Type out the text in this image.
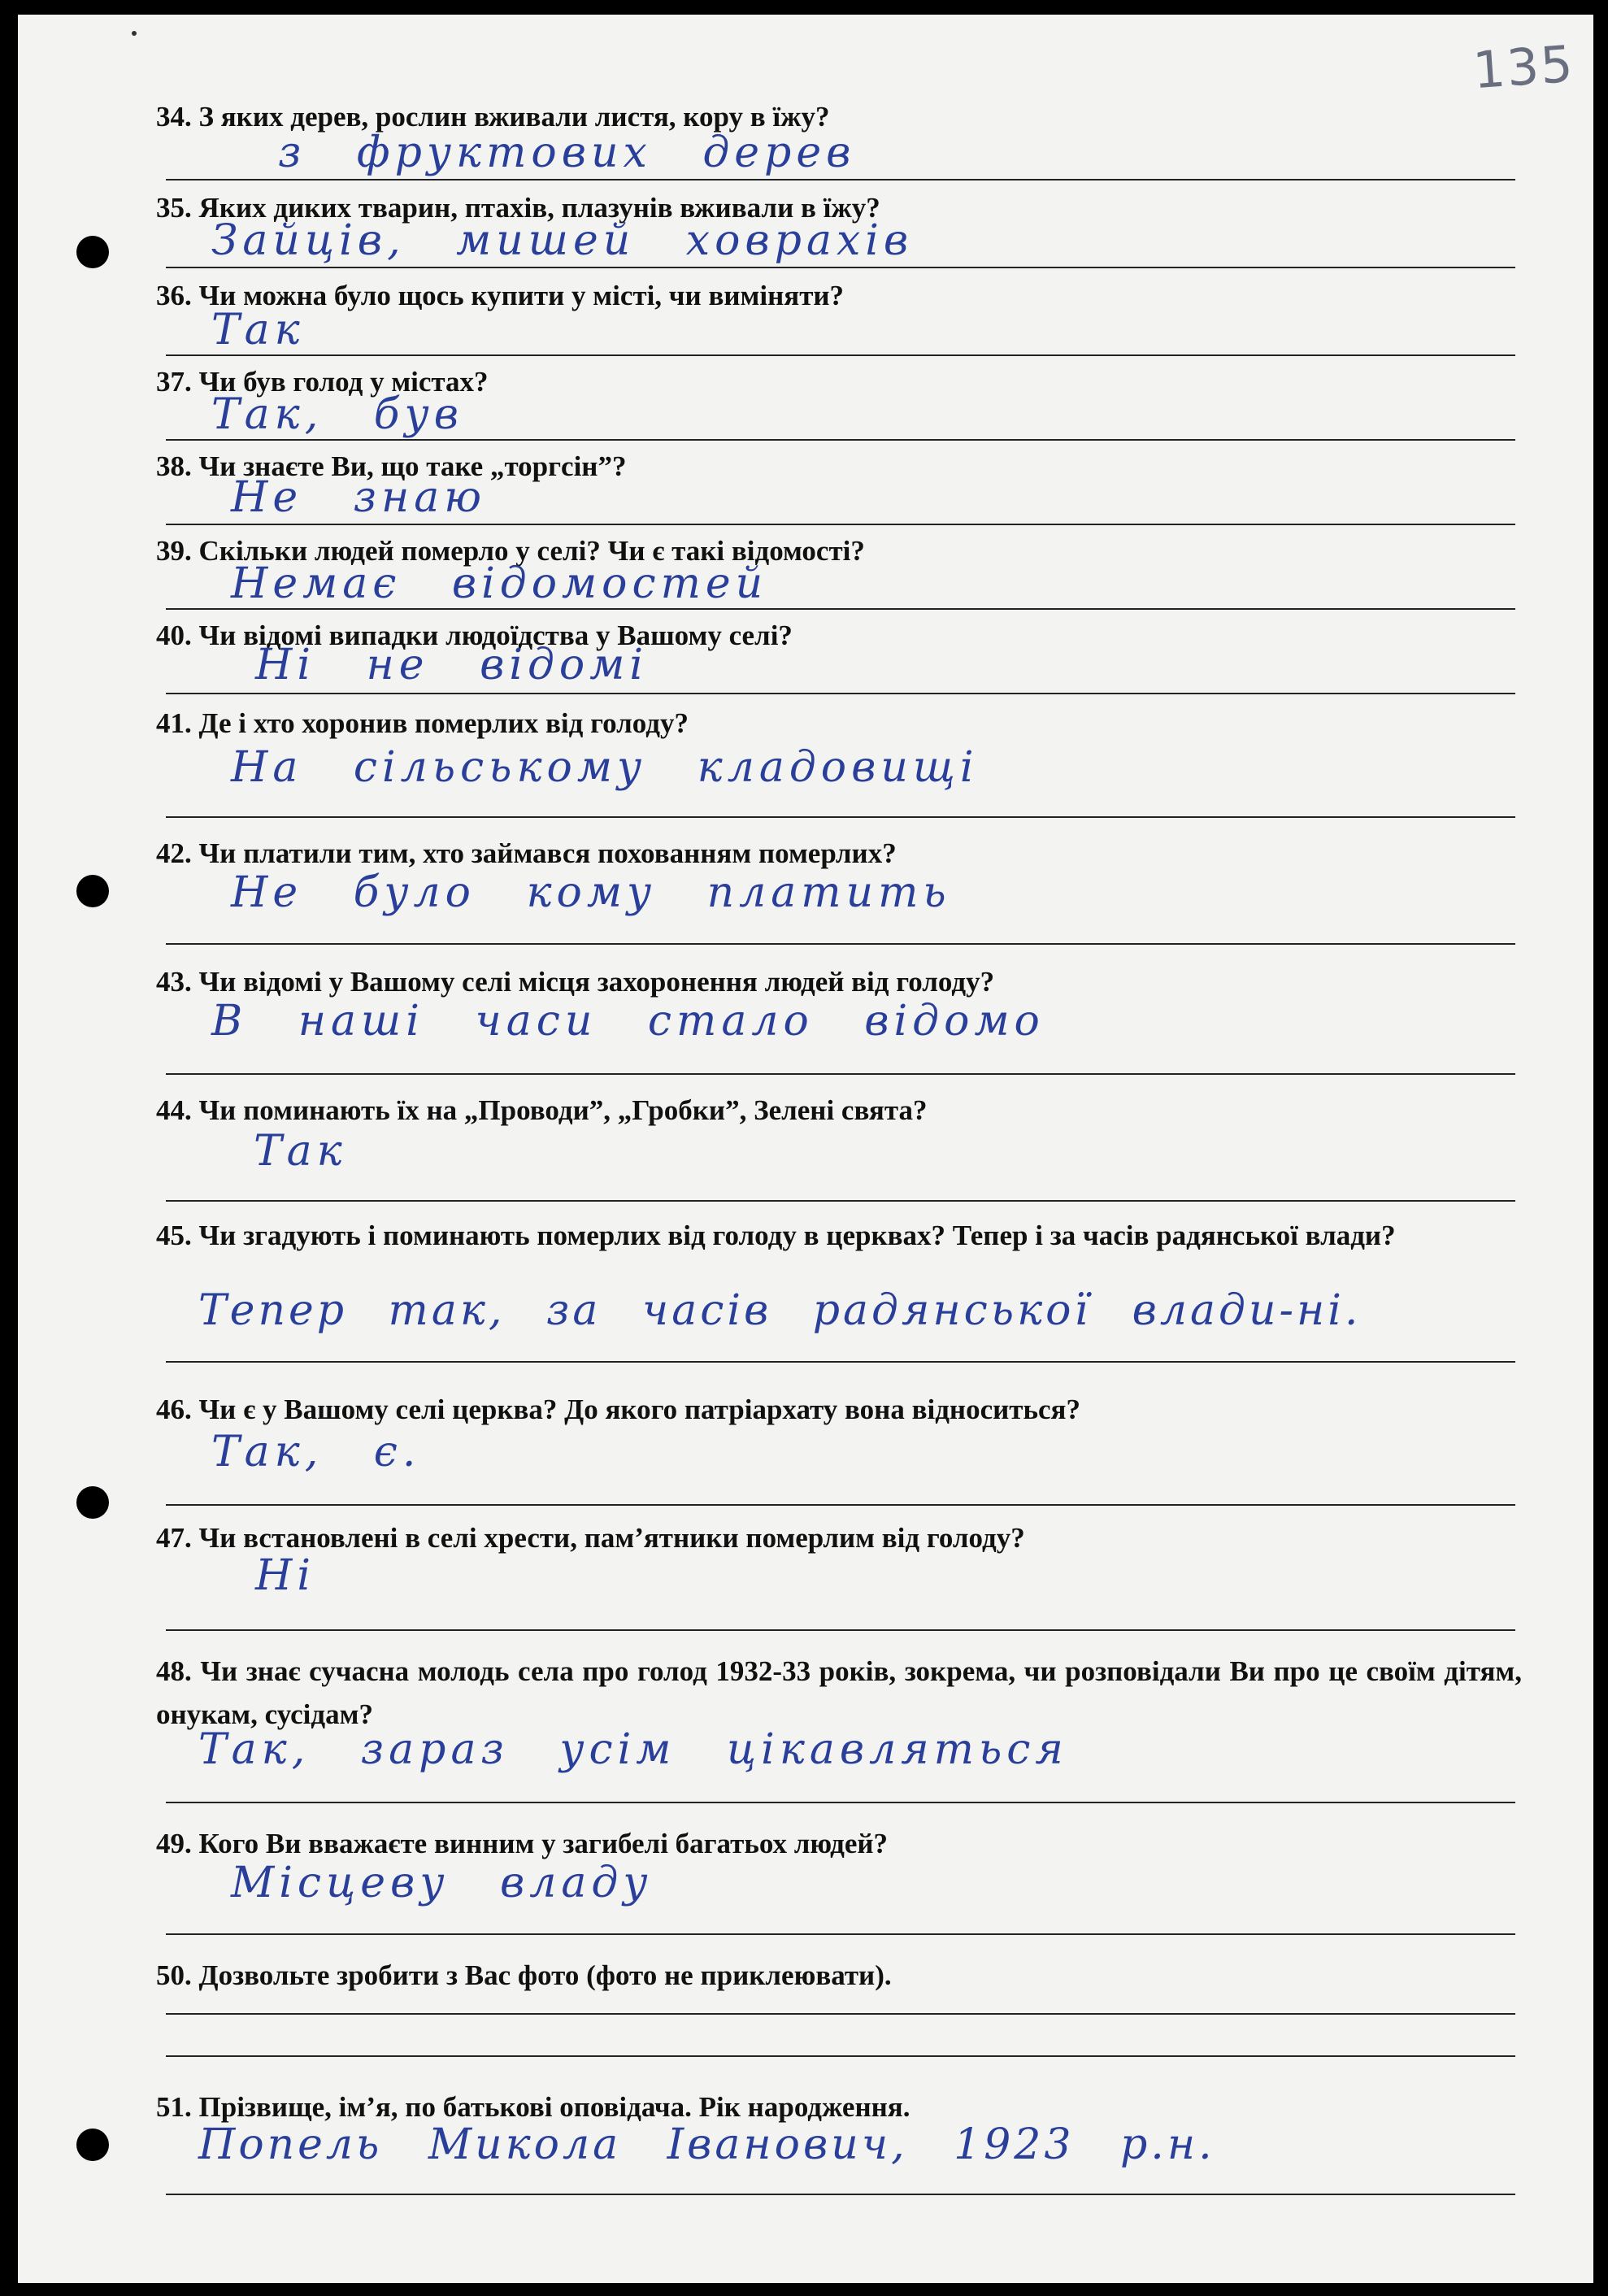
135
34. З яких дерев, рослин вживали листя, кору в їжу?
з фруктових дерев
35. Яких диких тварин, птахів, плазунів вживали в їжу?
Зайців, мишей ховрахів
36. Чи можна було щось купити у місті, чи виміняти?
Так
37. Чи був голод у містах?
Так, був
38. Чи знаєте Ви, що таке „торгсін”?
Не знаю
39. Скільки людей померло у селі? Чи є такі відомості?
Немає відомостей
40. Чи відомі випадки людоїдства у Вашому селі?
Ні не відомі
41. Де і хто хоронив померлих від голоду?
На сільському кладовищі
42. Чи платили тим, хто займався похованням померлих?
Не було кому платить
43. Чи відомі у Вашому селі місця захоронення людей від голоду?
В наші часи стало відомо
44. Чи поминають їх на „Проводи”, „Гробки”, Зелені свята?
Так
45. Чи згадують і поминають померлих від голоду в церквах? Тепер і за часів радянської влади?
Тепер так, за часів радянської влади-ні.
46. Чи є у Вашому селі церква? До якого патріархату вона відноситься?
Так, є.
47. Чи встановлені в селі хрести, пам’ятники померлим від голоду?
Ні
48. Чи знає сучасна молодь села про голод 1932-33 років, зокрема, чи розповідали Ви про це своїм дітям, онукам, сусідам?
Так, зараз усім цікавляться
49. Кого Ви вважаєте винним у загибелі багатьох людей?
Місцеву владу
50. Дозвольте зробити з Вас фото (фото не приклеювати).
51. Прізвище, ім’я, по батькові оповідача. Рік народження.
Попель Микола Іванович, 1923 р.н.
